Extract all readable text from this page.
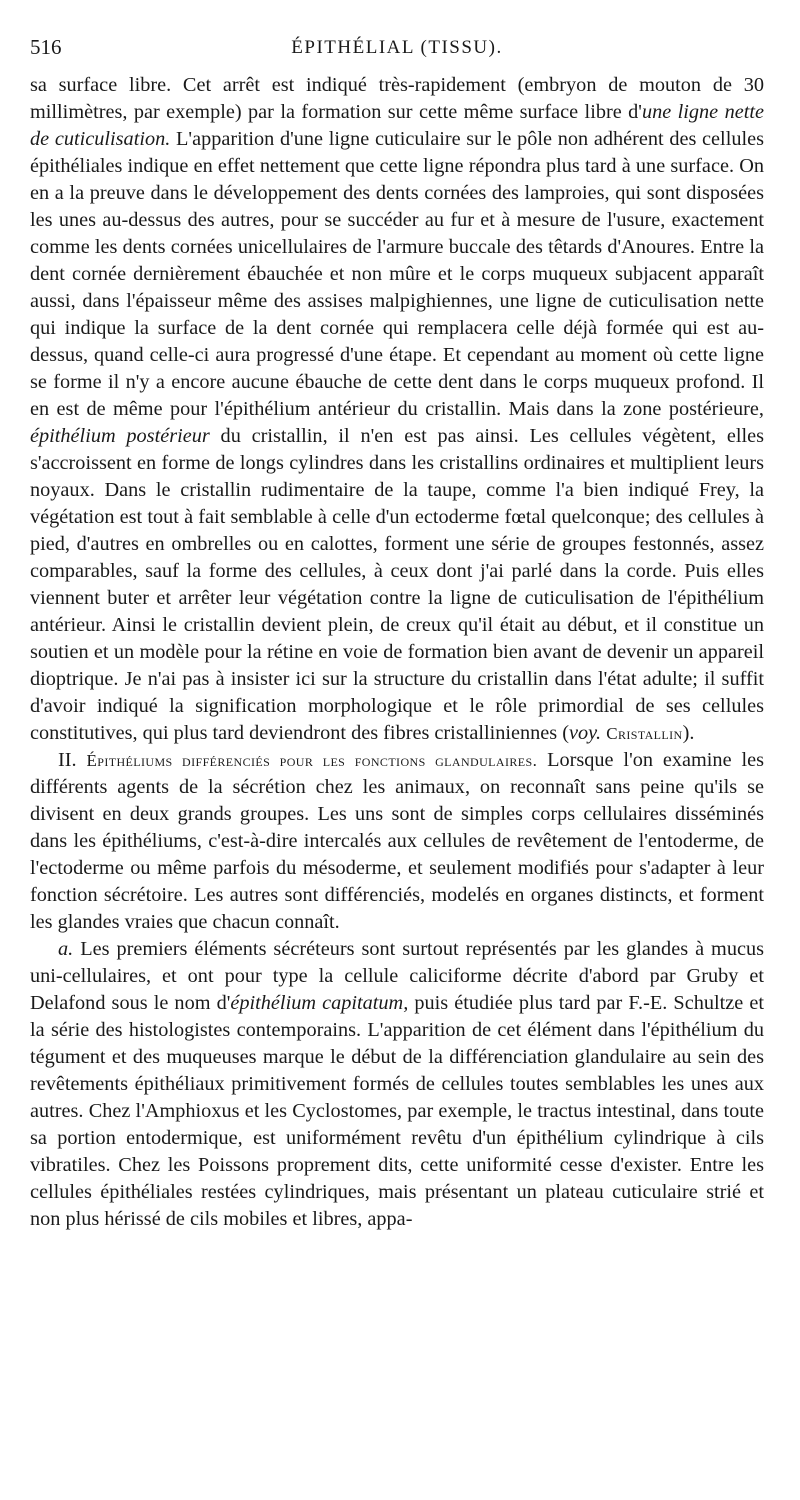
516	ÉPITHÉLIAL (TISSU).

sa surface libre. Cet arrêt est indiqué très-rapidement (embryon de mouton de 30 millimètres, par exemple) par la formation sur cette même surface libre d'une ligne nette de cuticulisation. L'apparition d'une ligne cuticulaire sur le pôle non adhérent des cellules épithéliales indique en effet nettement que cette ligne répondra plus tard à une surface. On en a la preuve dans le développement des dents cornées des lamproies, qui sont disposées les unes au-dessus des autres, pour se succéder au fur et à mesure de l'usure, exactement comme les dents cornées unicellulaires de l'armure buccale des têtards d'Anoures. Entre la dent cornée dernièrement ébauchée et non mûre et le corps muqueux subjacent apparaît aussi, dans l'épaisseur même des assises malpighiennes, une ligne de cuticulisation nette qui indique la surface de la dent cornée qui remplacera celle déjà formée qui est au-dessus, quand celle-ci aura progressé d'une étape. Et cependant au moment où cette ligne se forme il n'y a encore aucune ébauche de cette dent dans le corps muqueux profond. Il en est de même pour l'épithélium antérieur du cristallin. Mais dans la zone postérieure, épithélium postérieur du cristallin, il n'en est pas ainsi. Les cellules végètent, elles s'accroissent en forme de longs cylindres dans les cristallins ordinaires et multiplient leurs noyaux. Dans le cristallin rudimentaire de la taupe, comme l'a bien indiqué Frey, la végétation est tout à fait semblable à celle d'un ectoderme fœtal quelconque; des cellules à pied, d'autres en ombrelles ou en calottes, forment une série de groupes festonnés, assez comparables, sauf la forme des cellules, à ceux dont j'ai parlé dans la corde. Puis elles viennent buter et arrêter leur végétation contre la ligne de cuticulisation de l'épithélium antérieur. Ainsi le cristallin devient plein, de creux qu'il était au début, et il constitue un soutien et un modèle pour la rétine en voie de formation bien avant de devenir un appareil dioptrique. Je n'ai pas à insister ici sur la structure du cristallin dans l'état adulte; il suffit d'avoir indiqué la signification morphologique et le rôle primordial de ses cellules constitutives, qui plus tard deviendront des fibres cristalliniennes (voy. Cristallin).

II. Épithéliums différenciés pour les fonctions glandulaires. Lorsque l'on examine les différents agents de la sécrétion chez les animaux, on reconnaît sans peine qu'ils se divisent en deux grands groupes. Les uns sont de simples corps cellulaires disséminés dans les épithéliums, c'est-à-dire intercalés aux cellules de revêtement de l'entoderme, de l'ectoderme ou même parfois du mésoderme, et seulement modifiés pour s'adapter à leur fonction sécrétoire. Les autres sont différenciés, modelés en organes distincts, et forment les glandes vraies que chacun connaît.

a. Les premiers éléments sécréteurs sont surtout représentés par les glandes à mucus uni-cellulaires, et ont pour type la cellule caliciforme décrite d'abord par Gruby et Delafond sous le nom d'épithélium capitatum, puis étudiée plus tard par F.-E. Schultze et la série des histologistes contemporains. L'apparition de cet élément dans l'épithélium du tégument et des muqueuses marque le début de la différenciation glandulaire au sein des revêtements épithéliaux primitivement formés de cellules toutes semblables les unes aux autres. Chez l'Amphioxus et les Cyclostomes, par exemple, le tractus intestinal, dans toute sa portion entodermique, est uniformément revêtu d'un épithélium cylindrique à cils vibratiles. Chez les Poissons proprement dits, cette uniformité cesse d'exister. Entre les cellules épithéliales restées cylindriques, mais présentant un plateau cuticulaire strié et non plus hérissé de cils mobiles et libres, appa-
